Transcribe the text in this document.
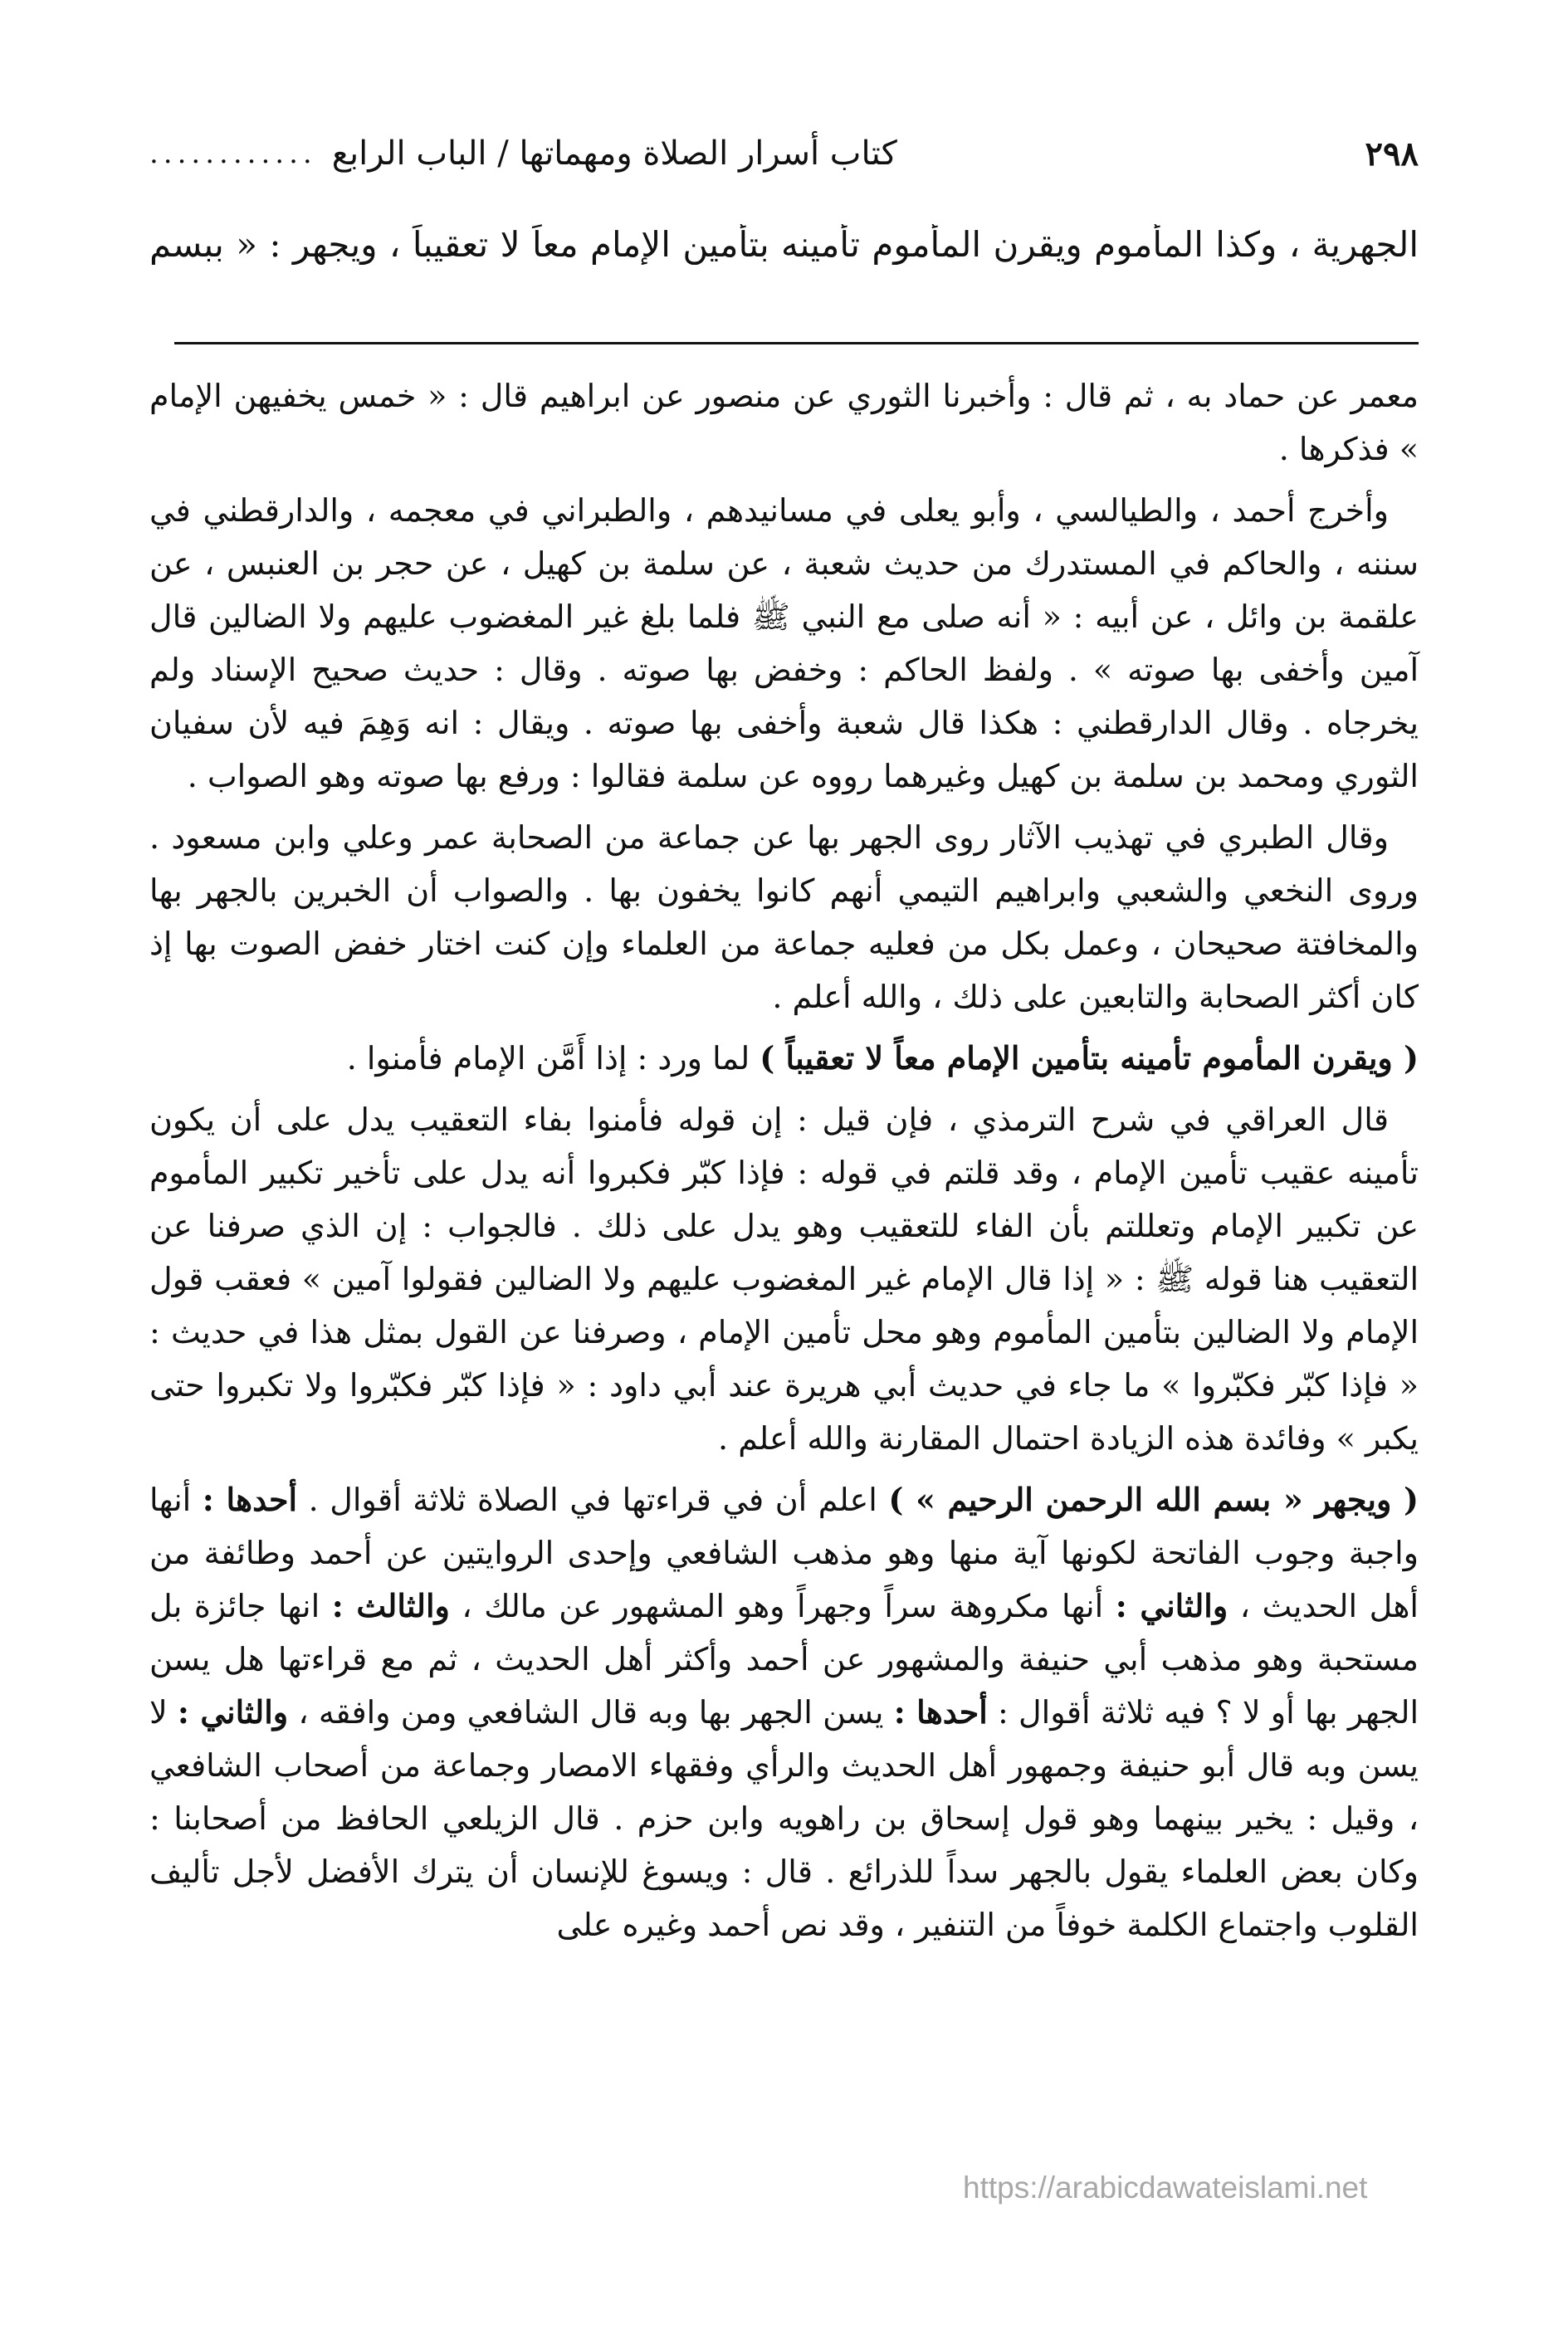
٢٩٨
كتاب أسرار الصلاة ومهماتها / الباب الرابع
............
الجهرية ، وكذا المأموم ويقرن المأموم تأمينه بتأمين الإمام معاً لا تعقيباً ، ويجهر : « ببسم

معمر عن حماد به ، ثم قال : وأخبرنا الثوري عن منصور عن ابراهيم قال : « خمس يخفيهن الإمام » فذكرها .

وأخرج أحمد ، والطيالسي ، وأبو يعلى في مسانيدهم ، والطبراني في معجمه ، والدارقطني في سننه ، والحاكم في المستدرك من حديث شعبة ، عن سلمة بن كهيل ، عن حجر بن العنبس ، عن علقمة بن وائل ، عن أبيه : « أنه صلى مع النبي ﷺ فلما بلغ غير المغضوب عليهم ولا الضالين قال آمين وأخفى بها صوته » . ولفظ الحاكم : وخفض بها صوته . وقال : حديث صحيح الإسناد ولم يخرجاه . وقال الدارقطني : هكذا قال شعبة وأخفى بها صوته . ويقال : انه وَهِمَ فيه لأن سفيان الثوري ومحمد بن سلمة بن كهيل وغيرهما رووه عن سلمة فقالوا : ورفع بها صوته وهو الصواب .

وقال الطبري في تهذيب الآثار روى الجهر بها عن جماعة من الصحابة عمر وعلي وابن مسعود . وروى النخعي والشعبي وابراهيم التيمي أنهم كانوا يخفون بها . والصواب أن الخبرين بالجهر بها والمخافتة صحيحان ، وعمل بكل من فعليه جماعة من العلماء وإن كنت اختار خفض الصوت بها إذ كان أكثر الصحابة والتابعين على ذلك ، والله أعلم .

( ويقرن المأموم تأمينه بتأمين الإمام معاً لا تعقيباً ) لما ورد : إذا أَمَّن الإمام فأمنوا .

قال العراقي في شرح الترمذي ، فإن قيل : إن قوله فأمنوا بفاء التعقيب يدل على أن يكون تأمينه عقيب تأمين الإمام ، وقد قلتم في قوله : فإذا كبّر فكبروا أنه يدل على تأخير تكبير المأموم عن تكبير الإمام وتعللتم بأن الفاء للتعقيب وهو يدل على ذلك . فالجواب : إن الذي صرفنا عن التعقيب هنا قوله ﷺ : « إذا قال الإمام غير المغضوب عليهم ولا الضالين فقولوا آمين » فعقب قول الإمام ولا الضالين بتأمين المأموم وهو محل تأمين الإمام ، وصرفنا عن القول بمثل هذا في حديث : « فإذا كبّر فكبّروا » ما جاء في حديث أبي هريرة عند أبي داود : « فإذا كبّر فكبّروا ولا تكبروا حتى يكبر » وفائدة هذه الزيادة احتمال المقارنة والله أعلم .

( ويجهر « بسم الله الرحمن الرحيم » ) اعلم أن في قراءتها في الصلاة ثلاثة أقوال . أحدها : أنها واجبة وجوب الفاتحة لكونها آية منها وهو مذهب الشافعي وإحدى الروايتين عن أحمد وطائفة من أهل الحديث ، والثاني : أنها مكروهة سراً وجهراً وهو المشهور عن مالك ، والثالث : انها جائزة بل مستحبة وهو مذهب أبي حنيفة والمشهور عن أحمد وأكثر أهل الحديث ، ثم مع قراءتها هل يسن الجهر بها أو لا ؟ فيه ثلاثة أقوال : أحدها : يسن الجهر بها وبه قال الشافعي ومن وافقه ، والثاني : لا يسن وبه قال أبو حنيفة وجمهور أهل الحديث والرأي وفقهاء الامصار وجماعة من أصحاب الشافعي ، وقيل : يخير بينهما وهو قول إسحاق بن راهويه وابن حزم . قال الزيلعي الحافظ من أصحابنا : وكان بعض العلماء يقول بالجهر سداً للذرائع . قال : ويسوغ للإنسان أن يترك الأفضل لأجل تأليف القلوب واجتماع الكلمة خوفاً من التنفير ، وقد نص أحمد وغيره على

https://arabicdawateislami.net
